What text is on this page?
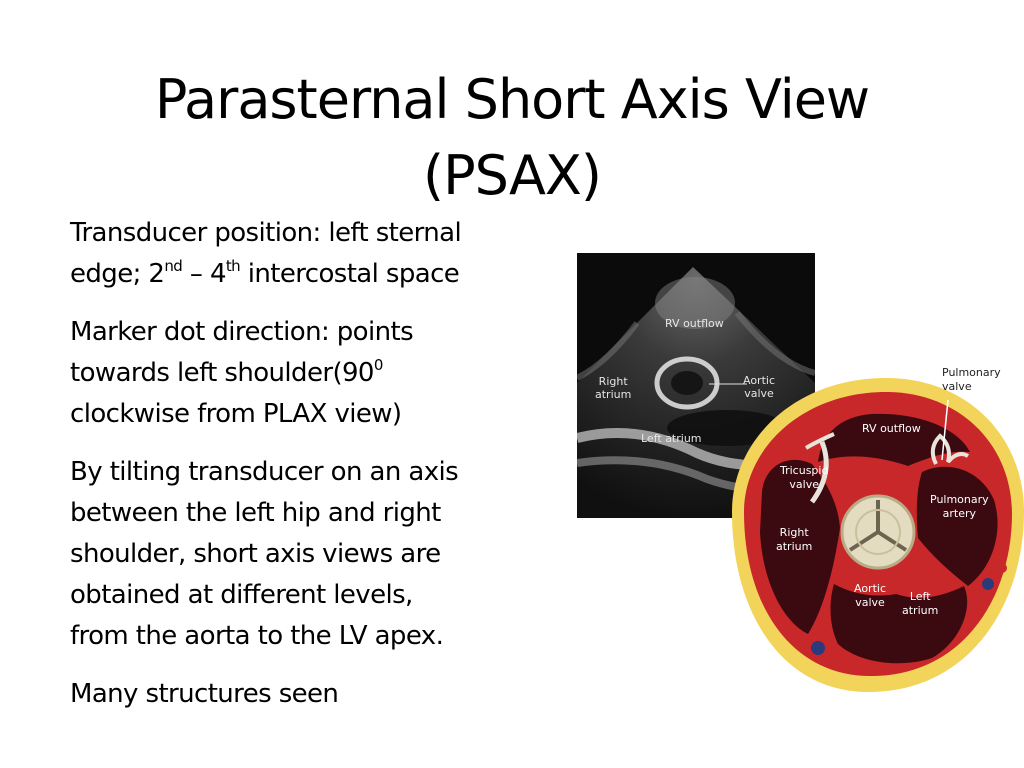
Parasternal Short Axis View
(PSAX)

Transducer position: left sternal
edge; 2nd – 4th intercostal space

Marker dot direction: points
towards left $shoulder(90^0$
clockwise from PLAX view)

By tilting transducer on an axis
between the left hip and right
shoulder, short axis views are
obtained at different levels,
from the aorta to the LV apex.

Many structures seen

RV outflow
Right
atrium
Aortic
valve
Left atrium
Pulmonary
valve
RV outflow
Tricuspid
valve
Pulmonary
artery
Right
atrium
Aortic
valve	Left
atrium
